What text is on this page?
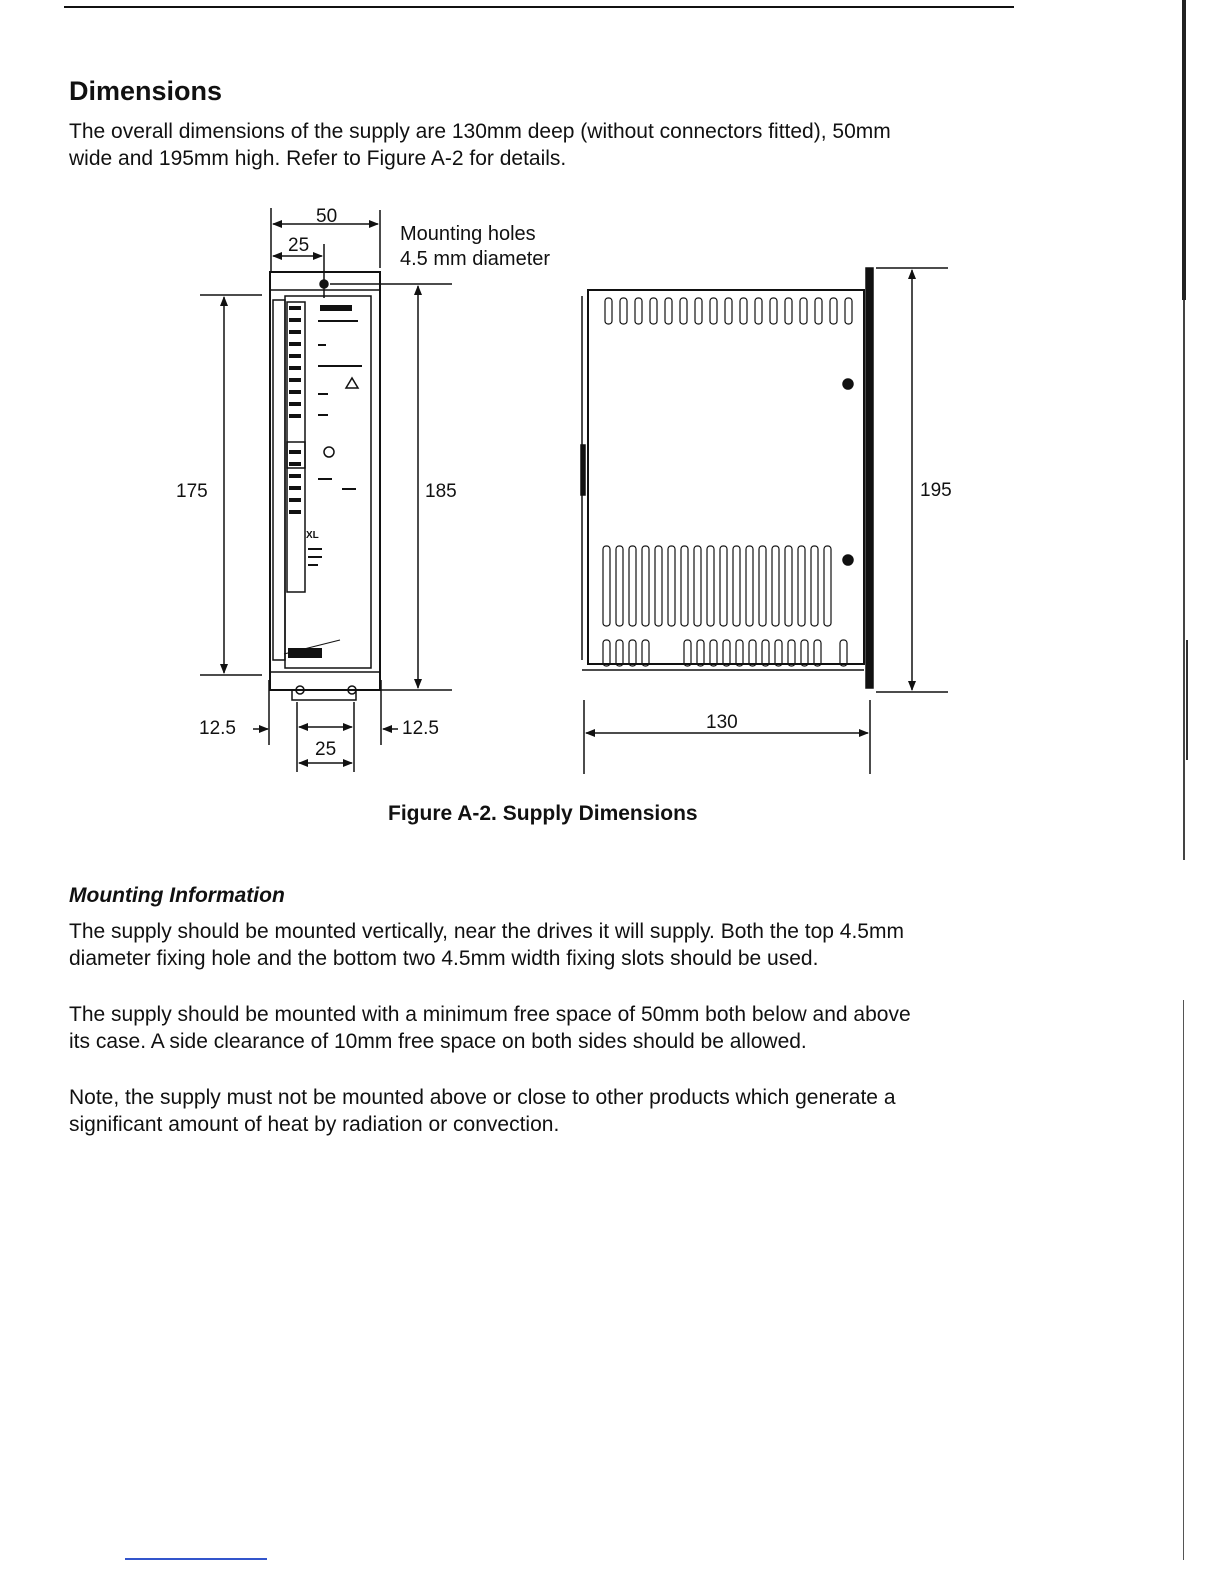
Dimensions

The overall dimensions of the supply are 130mm deep (without connectors fitted), 50mm

wide and 195mm high. Refer to Figure A-2 for details.

XL
50
25
Mounting holes
4.5 mm diameter
175	185
12.5	12.5
25
195
130

Figure A-2. Supply Dimensions

Mounting Information

The supply should be mounted vertically, near the drives it will supply. Both the top 4.5mm

diameter fixing hole and the bottom two 4.5mm width fixing slots should be used.

The supply should be mounted with a minimum free space of 50mm both below and above

its case. A side clearance of 10mm free space on both sides should be allowed.

Note, the supply must not be mounted above or close to other products which generate a

significant amount of heat by radiation or convection.
